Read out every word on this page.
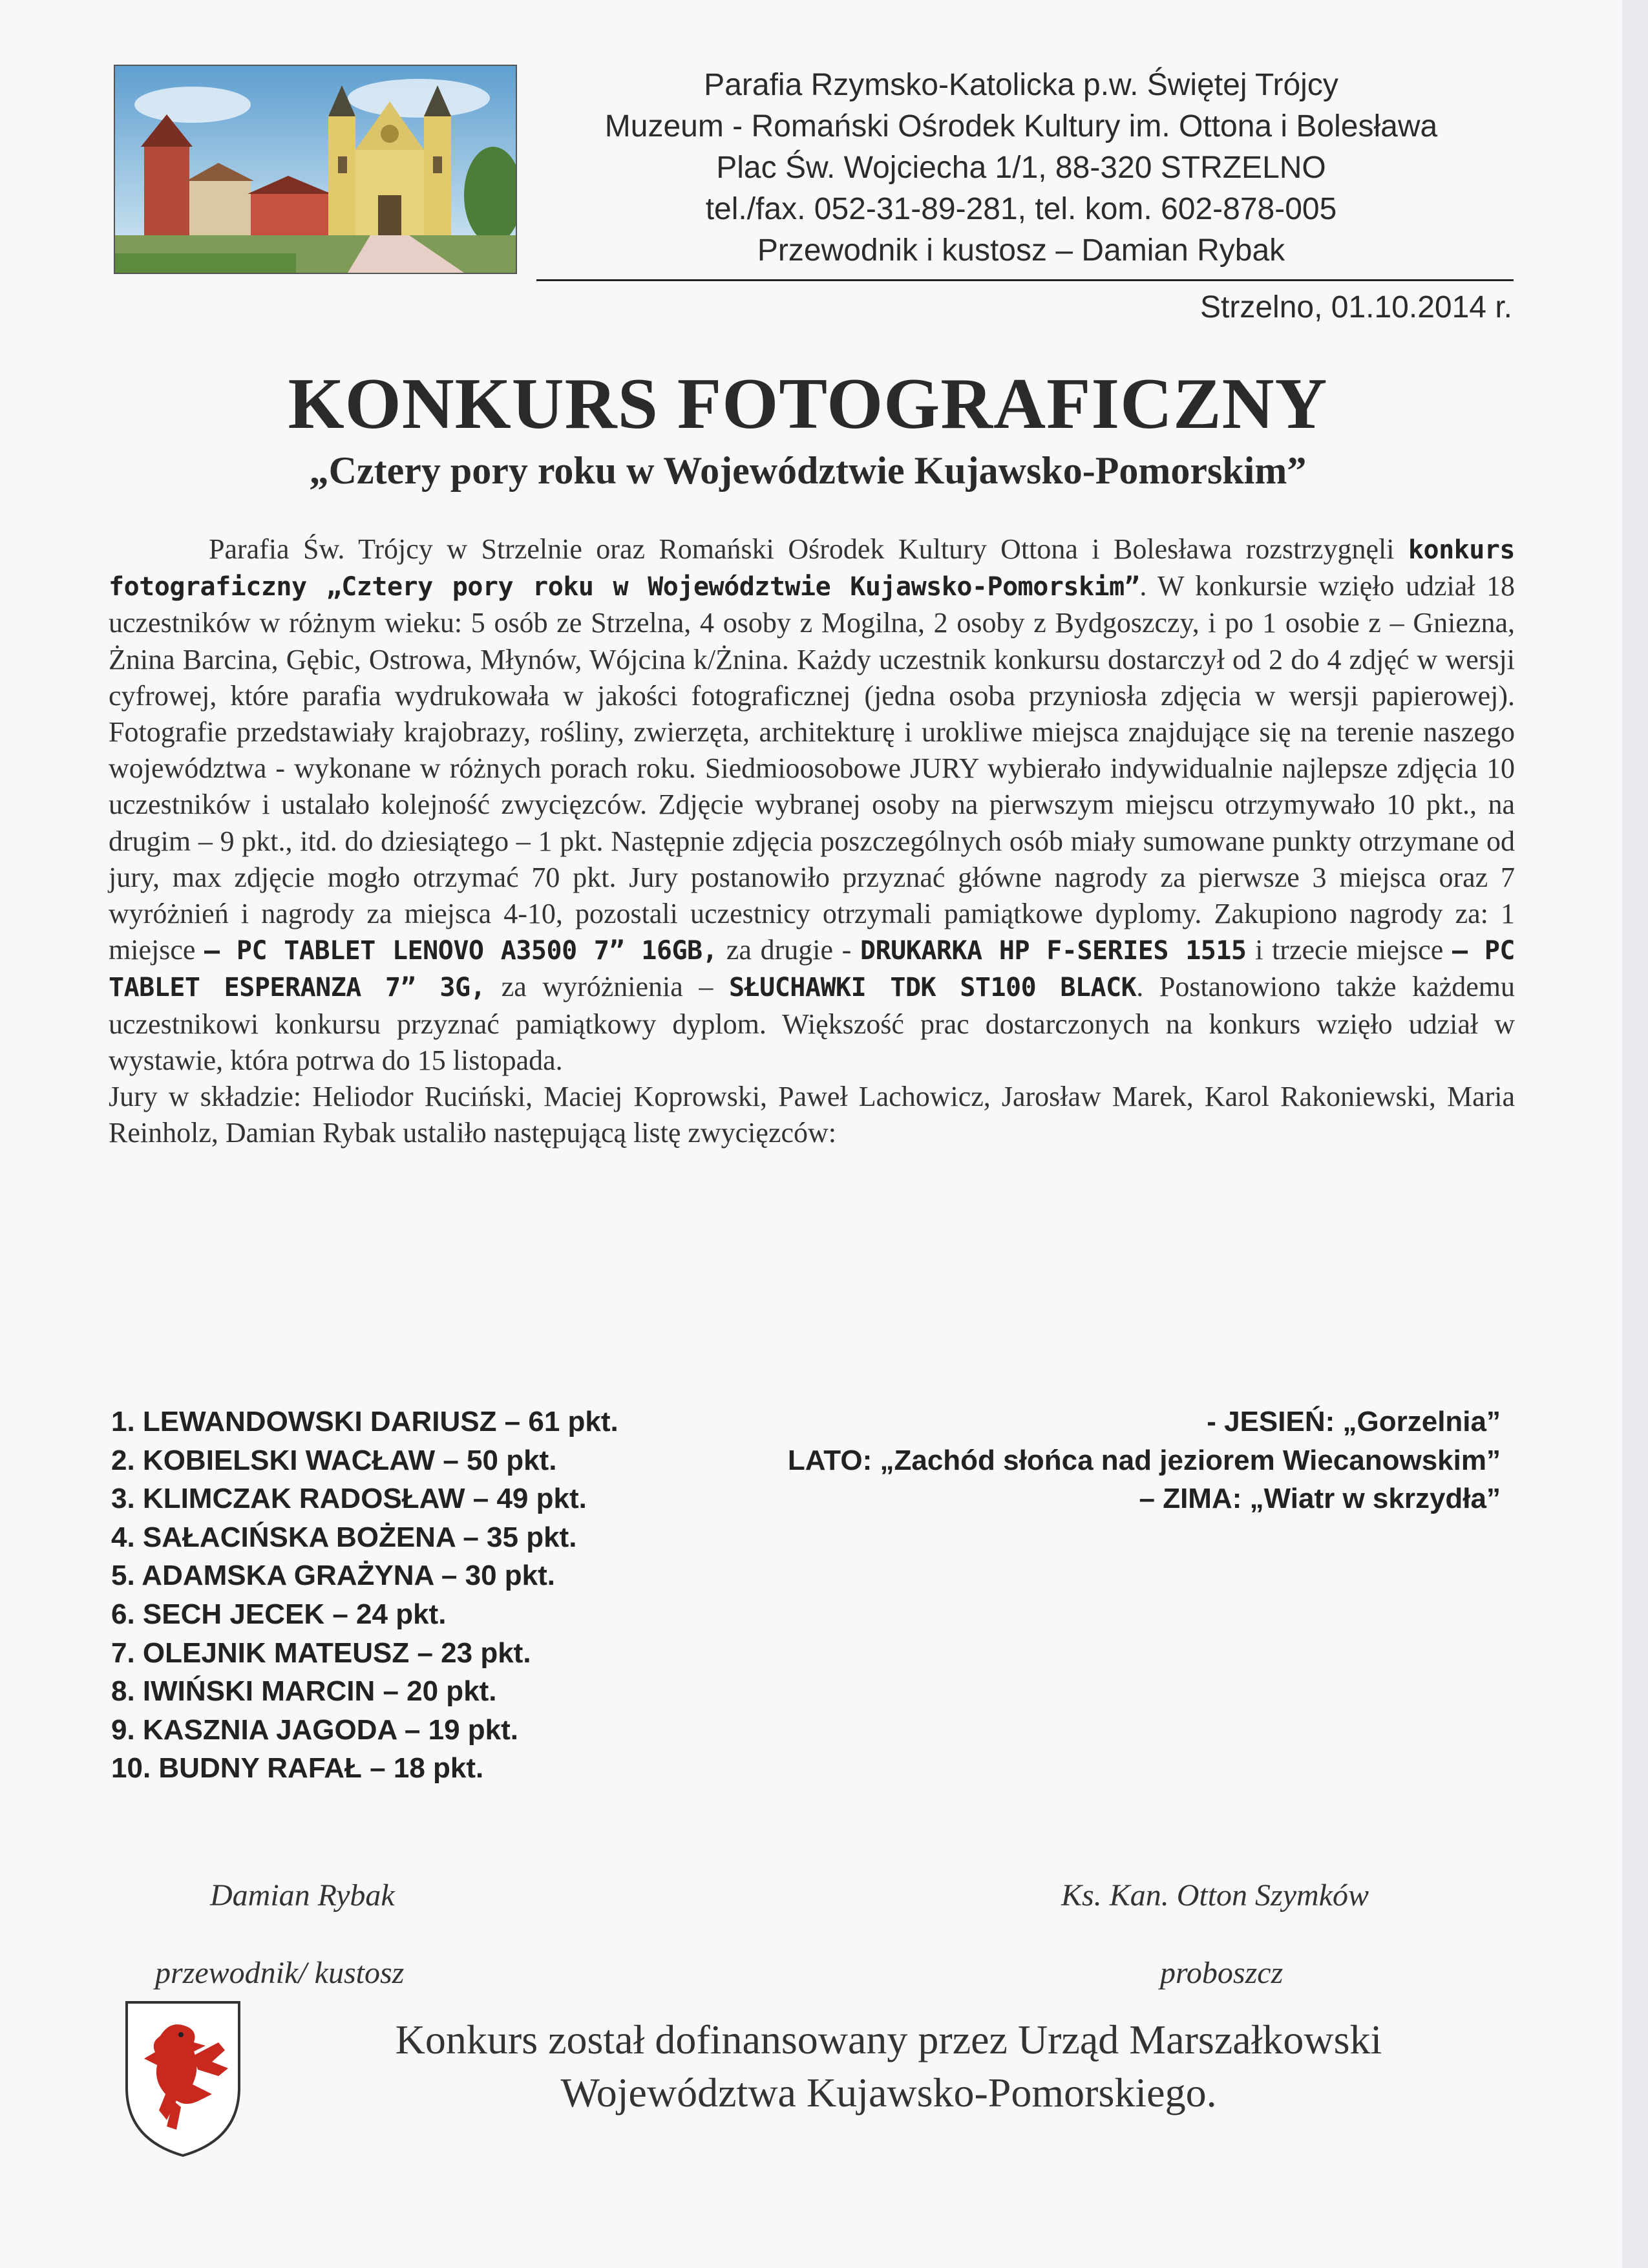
Parafia Rzymsko-Katolicka p.w. Świętej Trójcy
Muzeum - Romański Ośrodek Kultury im. Ottona i Bolesława
Plac Św. Wojciecha 1/1, 88-320 STRZELNO
tel./fax. 052-31-89-281, tel. kom. 602-878-005
Przewodnik i kustosz – Damian Rybak
Strzelno, 01.10.2014 r.
KONKURS FOTOGRAFICZNY
„Cztery pory roku w Województwie Kujawsko-Pomorskim”
Parafia Św. Trójcy w Strzelnie oraz Romański Ośrodek Kultury Ottona i Bolesława rozstrzygnęli konkurs fotograficzny „Cztery pory roku w Województwie Kujawsko-Pomorskim”. W konkursie wzięło udział 18 uczestników w różnym wieku: 5 osób ze Strzelna, 4 osoby z Mogilna, 2 osoby z Bydgoszczy, i po 1 osobie z – Gniezna, Żnina Barcina, Gębic, Ostrowa, Młynów, Wójcina k/Żnina. Każdy uczestnik konkursu dostarczył od 2 do 4 zdjęć w wersji cyfrowej, które parafia wydrukowała w jakości fotograficznej (jedna osoba przyniosła zdjęcia w wersji papierowej). Fotografie przedstawiały krajobrazy, rośliny, zwierzęta, architekturę i urokliwe miejsca znajdujące się na terenie naszego województwa - wykonane w różnych porach roku. Siedmioosobowe JURY wybierało indywidualnie najlepsze zdjęcia 10 uczestników i ustalało kolejność zwycięzców. Zdjęcie wybranej osoby na pierwszym miejscu otrzymywało 10 pkt., na drugim – 9 pkt., itd. do dziesiątego – 1 pkt. Następnie zdjęcia poszczególnych osób miały sumowane punkty otrzymane od jury, max zdjęcie mogło otrzymać 70 pkt. Jury postanowiło przyznać główne nagrody za pierwsze 3 miejsca oraz 7 wyróżnień i nagrody za miejsca 4-10, pozostali uczestnicy otrzymali pamiątkowe dyplomy. Zakupiono nagrody za: 1 miejsce – PC TABLET LENOVO A3500 7” 16GB, za drugie - DRUKARKA HP F-SERIES 1515 i trzecie miejsce – PC TABLET ESPERANZA 7” 3G, za wyróżnienia – SŁUCHAWKI TDK ST100 BLACK. Postanowiono także każdemu uczestnikowi konkursu przyznać pamiątkowy dyplom. Większość prac dostarczonych na konkurs wzięło udział w wystawie, która potrwa do 15 listopada.
Jury w składzie: Heliodor Ruciński, Maciej Koprowski, Paweł Lachowicz, Jarosław Marek, Karol Rakoniewski, Maria Reinholz, Damian Rybak ustaliło następującą listę zwycięzców:
1. LEWANDOWSKI DARIUSZ – 61 pkt.	- JESIEŃ: „Gorzelnia”
2. KOBIELSKI WACŁAW – 50 pkt.	LATO: „Zachód słońca nad jeziorem Wiecanowskim”
3. KLIMCZAK RADOSŁAW – 49 pkt.	– ZIMA: „Wiatr w skrzydła”
4. SAŁACIŃSKA BOŻENA – 35 pkt.
5. ADAMSKA GRAŻYNA – 30 pkt.
6. SECH JECEK – 24 pkt.
7. OLEJNIK MATEUSZ – 23 pkt.
8. IWIŃSKI MARCIN – 20 pkt.
9. KASZNIA JAGODA – 19 pkt.
10. BUDNY RAFAŁ – 18 pkt.
Damian Rybak
przewodnik/ kustosz
Ks. Kan. Otton Szymków
proboszcz
Konkurs został dofinansowany przez Urząd Marszałkowski
Województwa Kujawsko-Pomorskiego.
